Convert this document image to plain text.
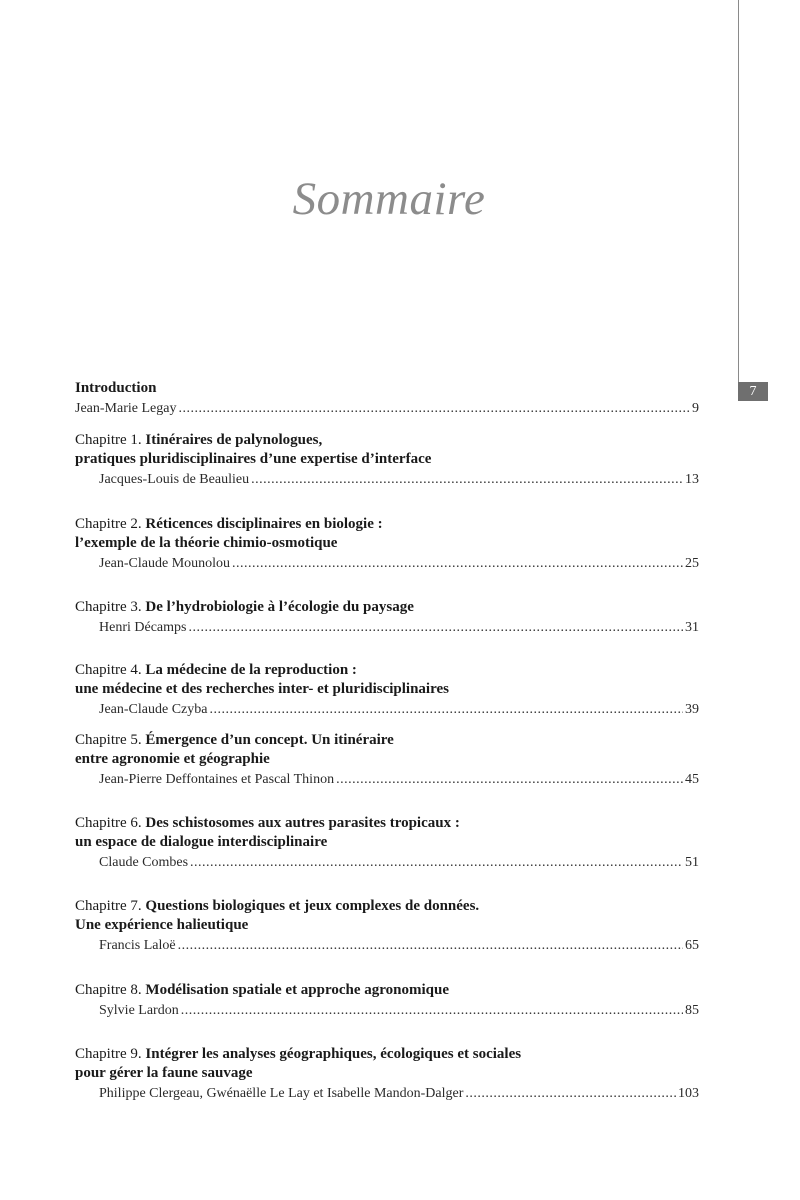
7
Sommaire
Introduction
Jean-Marie Legay . . .	9
Chapitre 1. Itinéraires de palynologues,
pratiques pluridisciplinaires d’une expertise d’interface
Jacques-Louis de Beaulieu . . .	13
Chapitre 2. Réticences disciplinaires en biologie :
l’exemple de la théorie chimio-osmotique
Jean-Claude Mounolou . . .	25
Chapitre 3. De l’hydrobiologie à l’écologie du paysage
Henri Décamps . . .	31
Chapitre 4. La médecine de la reproduction :
une médecine et des recherches inter- et pluridisciplinaires
Jean-Claude Czyba . . .	39
Chapitre 5. Émergence d’un concept. Un itinéraire
entre agronomie et géographie
Jean-Pierre Deffontaines et Pascal Thinon . . .	45
Chapitre 6. Des schistosomes aux autres parasites tropicaux :
un espace de dialogue interdisciplinaire
Claude Combes . . .	51
Chapitre 7. Questions biologiques et jeux complexes de données.
Une expérience halieutique
Francis Laloë . . .	65
Chapitre 8. Modélisation spatiale et approche agronomique
Sylvie Lardon . . .	85
Chapitre 9. Intégrer les analyses géographiques, écologiques et sociales
pour gérer la faune sauvage
Philippe Clergeau, Gwénaëlle Le Lay et Isabelle Mandon-Dalger . . .	103
